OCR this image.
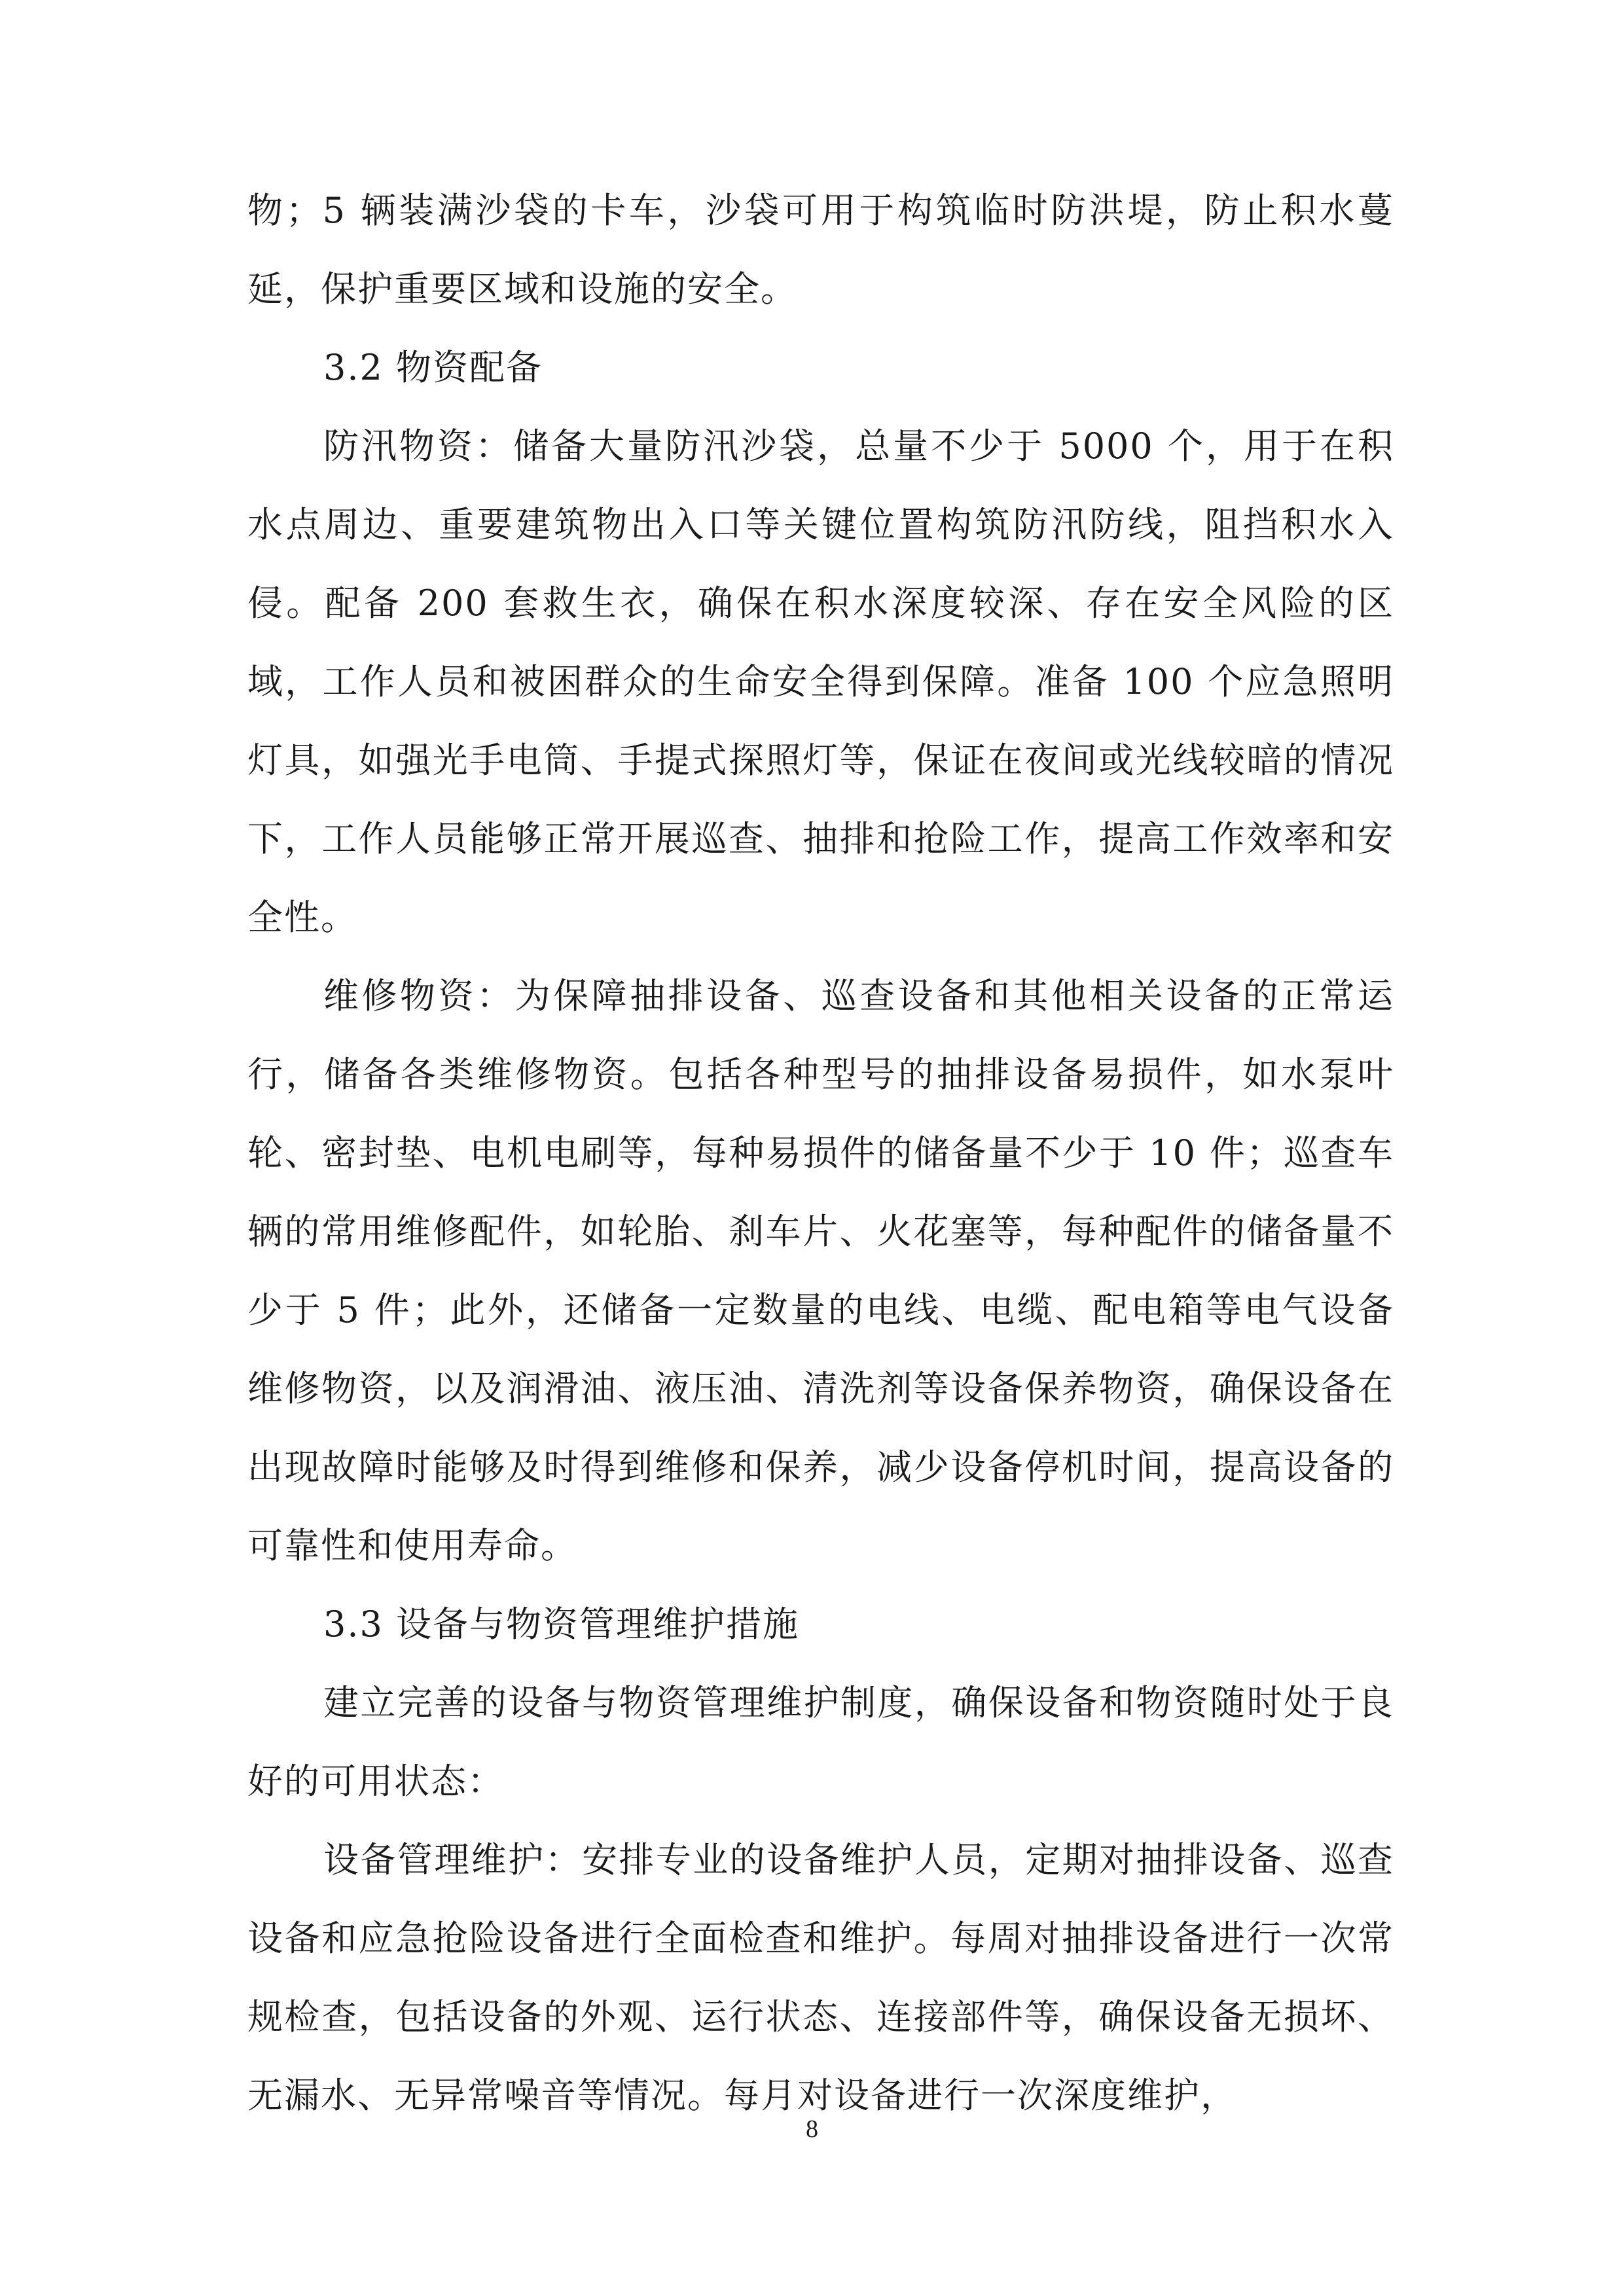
物；5 辆装满沙袋的卡车，沙袋可用于构筑临时防洪堤，防止积水蔓延，保护重要区域和设施的安全。

3.2 物资配备

防汛物资：储备大量防汛沙袋，总量不少于 5000 个，用于在积水点周边、重要建筑物出入口等关键位置构筑防汛防线，阻挡积水入侵。配备 200 套救生衣，确保在积水深度较深、存在安全风险的区域，工作人员和被困群众的生命安全得到保障。准备 100 个应急照明灯具，如强光手电筒、手提式探照灯等，保证在夜间或光线较暗的情况下，工作人员能够正常开展巡查、抽排和抢险工作，提高工作效率和安全性。

维修物资：为保障抽排设备、巡查设备和其他相关设备的正常运行，储备各类维修物资。包括各种型号的抽排设备易损件，如水泵叶轮、密封垫、电机电刷等，每种易损件的储备量不少于 10 件；巡查车辆的常用维修配件，如轮胎、刹车片、火花塞等，每种配件的储备量不少于 5 件；此外，还储备一定数量的电线、电缆、配电箱等电气设备维修物资，以及润滑油、液压油、清洗剂等设备保养物资，确保设备在出现故障时能够及时得到维修和保养，减少设备停机时间，提高设备的可靠性和使用寿命。

3.3 设备与物资管理维护措施

建立完善的设备与物资管理维护制度，确保设备和物资随时处于良好的可用状态：

设备管理维护：安排专业的设备维护人员，定期对抽排设备、巡查设备和应急抢险设备进行全面检查和维护。每周对抽排设备进行一次常规检查，包括设备的外观、运行状态、连接部件等，确保设备无损坏、无漏水、无异常噪音等情况。每月对设备进行一次深度维护，

8
